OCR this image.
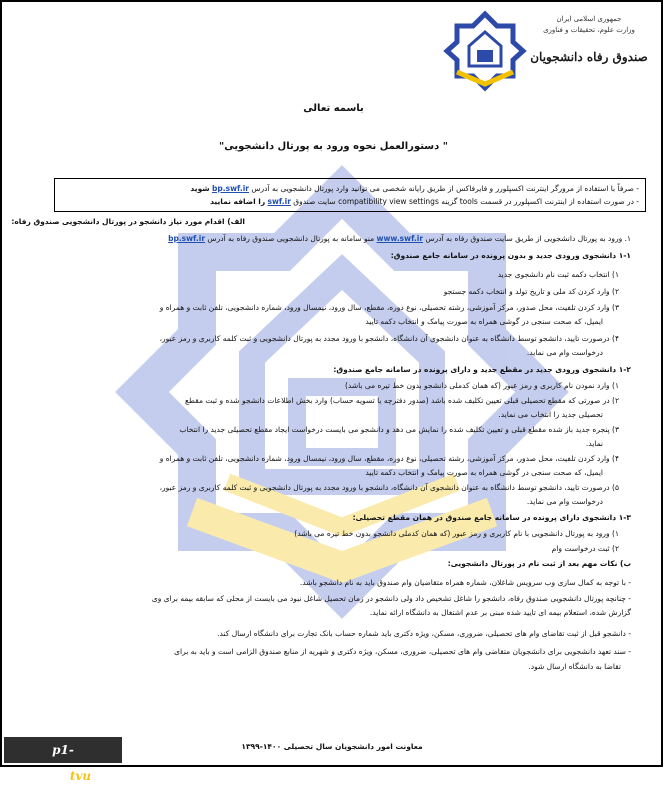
جمهوری اسلامی ایران
وزارت علوم، تحقیقات و فناوری
صندوق رفاه دانشجویان
باسمه تعالی
" دستورالعمل نحوه ورود به پورتال دانشجویی"
- صرفاً با استفاده از مرورگر اینترنت اکسپلورر و فایرفاکس از طریق رایانه شخصی می توانید وارد پورتال دانشجویی به آدرس bp.swf.ir شوید
- در صورت استفاده از اینترنت اکسپلورر در قسمت tools گزینه compatibility view settings سایت صندوق swf.ir را اضافه نمایید
الف) اقدام مورد نیاز دانشجو در پورتال دانشجویی صندوق رفاه:
۱. ورود به پورتال دانشجویی از طریق سایت صندوق رفاه به آدرس www.swf.ir منو سامانه به پورتال دانشجویی صندوق رفاه به آدرس bp.swf.ir
۱-۱ دانشجوی ورودی جدید و بدون پرونده در سامانه جامع صندوق:
۱) انتخاب دکمه ثبت نام دانشجوی جدید
۲) وارد کردن کد ملی و تاریخ تولد و انتخاب دکمه جستجو
۳) وارد کردن تلفیت، محل صدور، مرکز آموزشی، رشته تحصیلی، نوع دوره، مقطع، سال ورود، نیمسال ورود، شماره دانشجویی، تلفن ثابت و همراه و
ایمیل، که صحت سنجی در گوشی همراه به صورت پیامک و انتخاب دکمه تایید
۴) درصورت تایید، دانشجو توسط دانشگاه به عنوان دانشجوی آن دانشگاه، دانشجو با ورود مجدد به پورتال دانشجویی و ثبت کلمه کاربری و رمز عبور،
درخواست وام می نماید.
۱-۲ دانشجوی ورودی جدید در مقطع جدید و دارای پرونده در سامانه جامع صندوق:
۱) وارد نمودن نام کاربری و رمز عبور (که همان کدملی دانشجو بدون خط تیره می باشد)
۲) در صورتی که مقطع تحصیلی قبلی تعیین تکلیف شده باشد (صدور دفترچه یا تسویه حساب) وارد بخش اطلاعات دانشجو شده و ثبت مقطع
تحصیلی جدید را انتخاب می نماید.
۳) پنجره جدید باز شده مقطع قبلی و تعیین تکلیف شده را نمایش می دهد و دانشجو می بایست درخواست ایجاد مقطع تحصیلی جدید را انتخاب
نماید.
۴) وارد کردن تلفیت، محل صدور، مرکز آموزشی، رشته تحصیلی، نوع دوره، مقطع، سال ورود، نیمسال ورود، شماره دانشجویی، تلفن ثابت و همراه و
ایمیل، که صحت سنجی در گوشی همراه به صورت پیامک و انتخاب دکمه تایید
۵) درصورت تایید، دانشجو توسط دانشگاه به عنوان دانشجوی آن دانشگاه، دانشجو با ورود مجدد به پورتال دانشجویی و ثبت کلمه کاربری و رمز عبور،
درخواست وام می نماید.
۱-۳ دانشجوی دارای پرونده در سامانه جامع صندوق در همان مقطع تحصیلی:
۱) ورود به پورتال دانشجویی با نام کاربری و رمز عبور (که همان کدملی دانشجو بدون خط تیره می باشد)
۲) ثبت درخواست وام
ب) نکات مهم بعد از ثبت نام در پورتال دانشجویی:
- با توجه به کمال سازی وب سرویس شاغلان، شماره همراه متقاضیان وام صندوق باید به نام دانشجو باشد.
- چنانچه پورتال دانشجویی صندوق رفاه، دانشجو را شاغل تشخیص داد ولی دانشجو در زمان تحصیل شاغل نبود می بایست از محلی که سابقه بیمه برای وی
گزارش شده، استعلام بیمه ای تایید شده مبنی بر عدم اشتغال به دانشگاه ارائه نماید.
- دانشجو قبل از ثبت تقاضای وام های تحصیلی، ضروری، مسکن، ویژه دکتری باید شماره حساب بانک تجارت برای دانشگاه ارسال کند.
- سند تعهد دانشجویی برای دانشجویان متقاضی وام های تحصیلی، ضروری، مسکن، ویژه دکتری و شهریه از منابع صندوق الزامی است و باید به برای
تقاضا به دانشگاه ارسال شود.
معاونت امور دانشجویان سال تحصیلی ۱۴۰۰-۱۳۹۹
p1-hamedan.tvu.ac.ir
